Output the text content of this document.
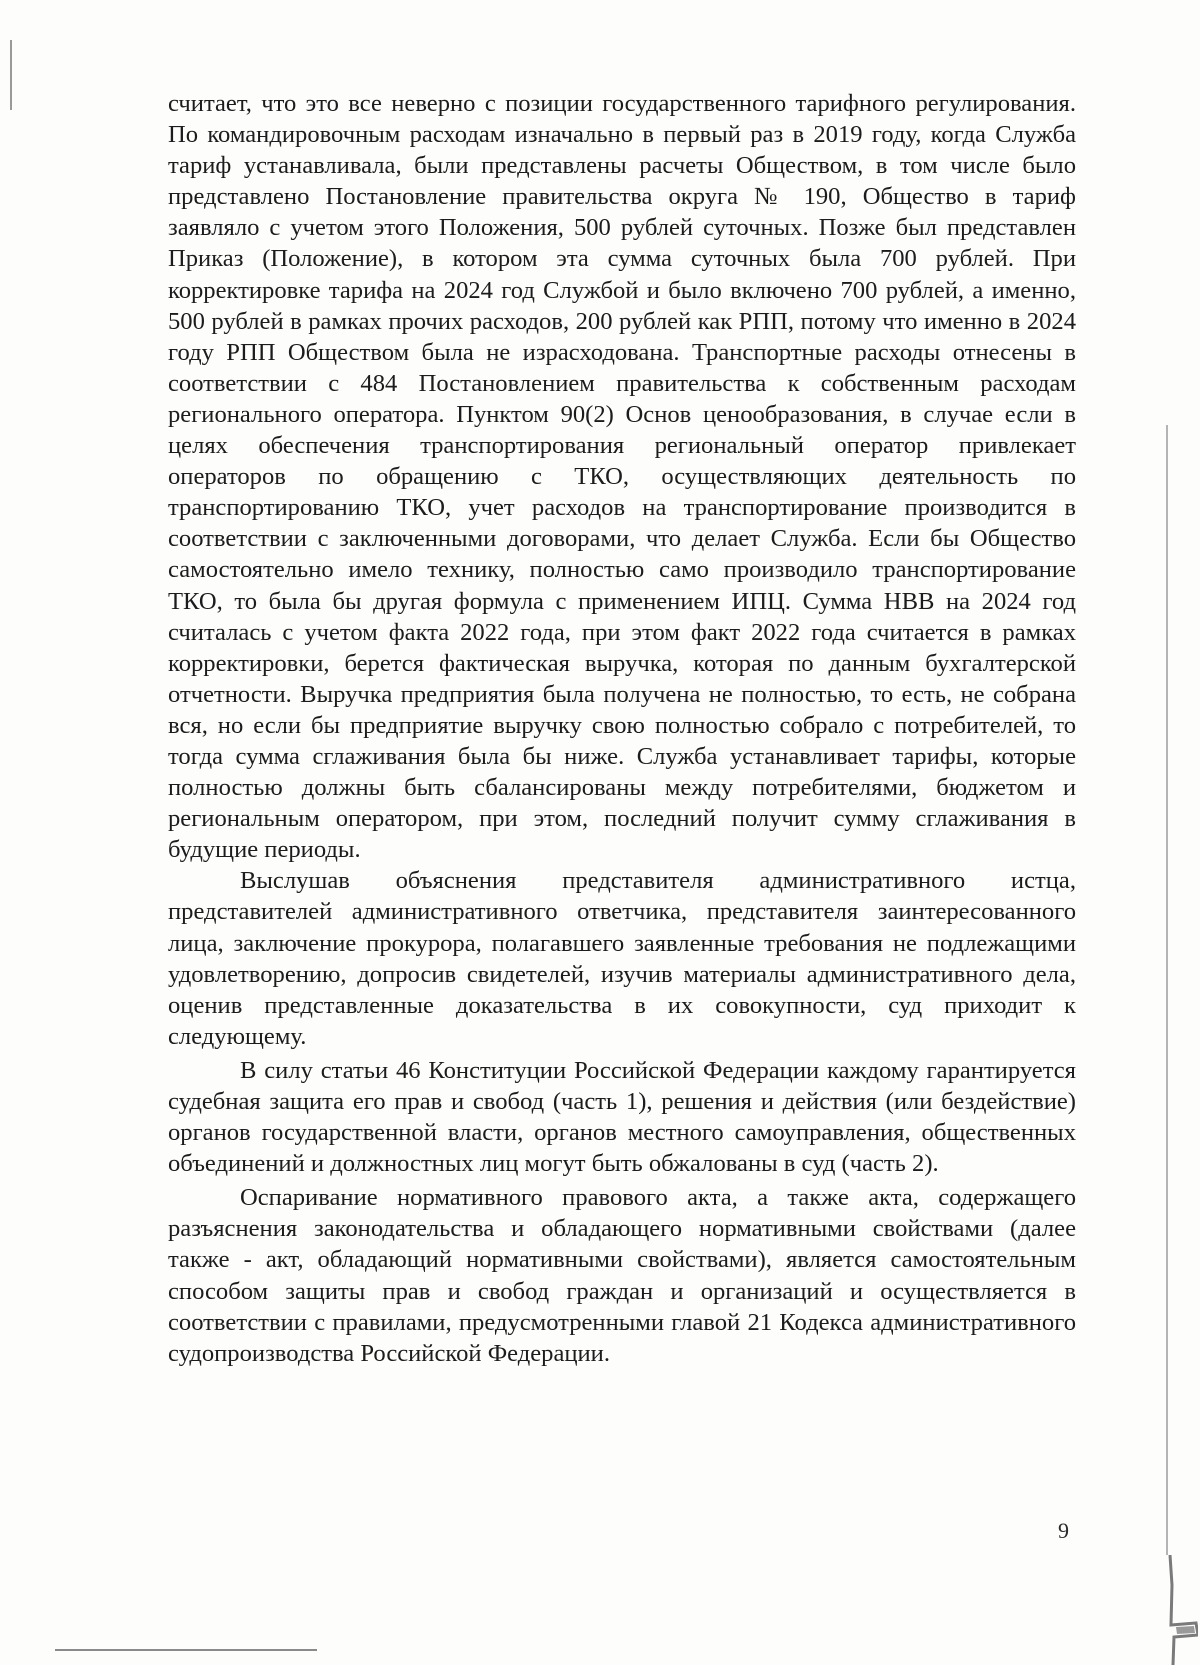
считает, что это все неверно с позиции государственного тарифного регулирования. По командировочным расходам изначально в первый раз в 2019 году, когда Служба тариф устанавливала, были представлены расчеты Обществом, в том числе было представлено Постановление правительства округа № 190, Общество в тариф заявляло с учетом этого Положения, 500 рублей суточных. Позже был представлен Приказ (Положение), в котором эта сумма суточных была 700 рублей. При корректировке тарифа на 2024 год Службой и было включено 700 рублей, а именно, 500 рублей в рамках прочих расходов, 200 рублей как РПП, потому что именно в 2024 году РПП Обществом была не израсходована. Транспортные расходы отнесены в соответствии с 484 Постановлением правительства к собственным расходам регионального оператора. Пунктом 90(2) Основ ценообразования, в случае если в целях обеспечения транспортирования региональный оператор привлекает операторов по обращению с ТКО, осуществляющих деятельность по транспортированию ТКО, учет расходов на транспортирование производится в соответствии с заключенными договорами, что делает Служба. Если бы Общество самостоятельно имело технику, полностью само производило транспортирование ТКО, то была бы другая формула с применением ИПЦ. Сумма НВВ на 2024 год считалась с учетом факта 2022 года, при этом факт 2022 года считается в рамках корректировки, берется фактическая выручка, которая по данным бухгалтерской отчетности. Выручка предприятия была получена не полностью, то есть, не собрана вся, но если бы предприятие выручку свою полностью собрало с потребителей, то тогда сумма сглаживания была бы ниже. Служба устанавливает тарифы, которые полностью должны быть сбалансированы между потребителями, бюджетом и региональным оператором, при этом, последний получит сумму сглаживания в будущие периоды.

Выслушав объяснения представителя административного истца, представителей административного ответчика, представителя заинтересованного лица, заключение прокурора, полагавшего заявленные требования не подлежащими удовлетворению, допросив свидетелей, изучив материалы административного дела, оценив представленные доказательства в их совокупности, суд приходит к следующему.

В силу статьи 46 Конституции Российской Федерации каждому гарантируется судебная защита его прав и свобод (часть 1), решения и действия (или бездействие) органов государственной власти, органов местного самоуправления, общественных объединений и должностных лиц могут быть обжалованы в суд (часть 2).

Оспаривание нормативного правового акта, а также акта, содержащего разъяснения законодательства и обладающего нормативными свойствами (далее также - акт, обладающий нормативными свойствами), является самостоятельным способом защиты прав и свобод граждан и организаций и осуществляется в соответствии с правилами, предусмотренными главой 21 Кодекса административного судопроизводства Российской Федерации.

9
